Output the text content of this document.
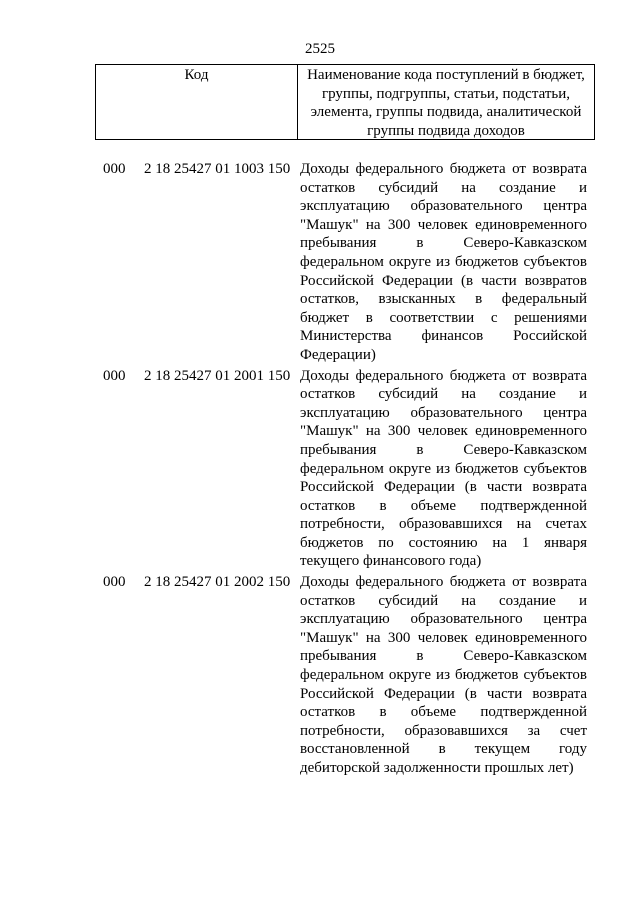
2525
Код	Наименование кода поступлений в бюджет, группы, подгруппы, статьи, подстатьи, элемента, группы подвида, аналитической группы подвида доходов
000 2 18 25427 01 1003 150 Доходы федерального бюджета от возврата остатков субсидий на создание и эксплуатацию образовательного центра "Машук" на 300 человек единовременного пребывания в Северо-Кавказском федеральном округе из бюджетов субъектов Российской Федерации (в части возвратов остатков, взысканных в федеральный бюджет в соответствии с решениями Министерства финансов Российской Федерации)
000 2 18 25427 01 2001 150 Доходы федерального бюджета от возврата остатков субсидий на создание и эксплуатацию образовательного центра "Машук" на 300 человек единовременного пребывания в Северо-Кавказском федеральном округе из бюджетов субъектов Российской Федерации (в части возврата остатков в объеме подтвержденной потребности, образовавшихся на счетах бюджетов по состоянию на 1 января текущего финансового года)
000 2 18 25427 01 2002 150 Доходы федерального бюджета от возврата остатков субсидий на создание и эксплуатацию образовательного центра "Машук" на 300 человек единовременного пребывания в Северо-Кавказском федеральном округе из бюджетов субъектов Российской Федерации (в части возврата остатков в объеме подтвержденной потребности, образовавшихся за счет восстановленной в текущем году дебиторской задолженности прошлых лет)
